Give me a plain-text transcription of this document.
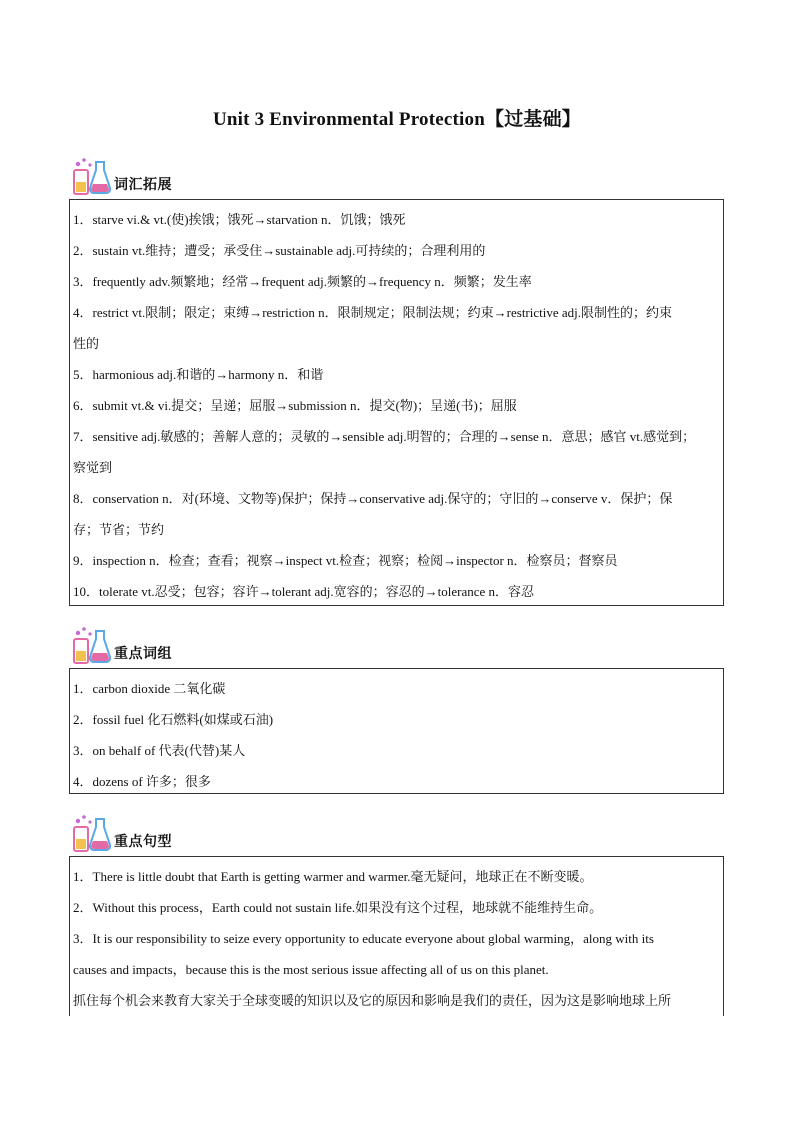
Unit 3 Environmental Protection【过基础】
词汇拓展
1．starve vi.& vt.(使)挨饿；饿死→starvation n．饥饿；饿死
2．sustain vt.维持；遭受；承受住→sustainable adj.可持续的；合理利用的
3．frequently adv.频繁地；经常→frequent adj.频繁的→frequency n．频繁；发生率
4．restrict vt.限制；限定；束缚→restriction n．限制规定；限制法规；约束→restrictive adj.限制性的；约束
性的
5．harmonious adj.和谐的→harmony n．和谐
6．submit vt.& vi.提交；呈递；屈服→submission n．提交(物)；呈递(书)；屈服
7．sensitive adj.敏感的；善解人意的；灵敏的→sensible adj.明智的；合理的→sense n．意思；感官 vt.感觉到；
察觉到
8．conservation n．对(环境、文物等)保护；保持→conservative adj.保守的；守旧的→conserve v．保护；保
存；节省；节约
9．inspection n．检查；查看；视察→inspect vt.检查；视察；检阅→inspector n．检察员；督察员
10．tolerate vt.忍受；包容；容许→tolerant adj.宽容的；容忍的→tolerance n．容忍
重点词组
1．carbon dioxide 二氧化碳
2．fossil fuel 化石燃料(如煤或石油)
3．on behalf of 代表(代替)某人
4．dozens of 许多；很多
重点句型
1．There is little doubt that Earth is getting warmer and warmer.毫无疑问，地球正在不断变暖。
2．Without this process，Earth could not sustain life.如果没有这个过程，地球就不能维持生命。
3．It is our responsibility to seize every opportunity to educate everyone about global warming，along with its
causes and impacts，because this is the most serious issue affecting all of us on this planet.
抓住每个机会来教育大家关于全球变暖的知识以及它的原因和影响是我们的责任，因为这是影响地球上所
